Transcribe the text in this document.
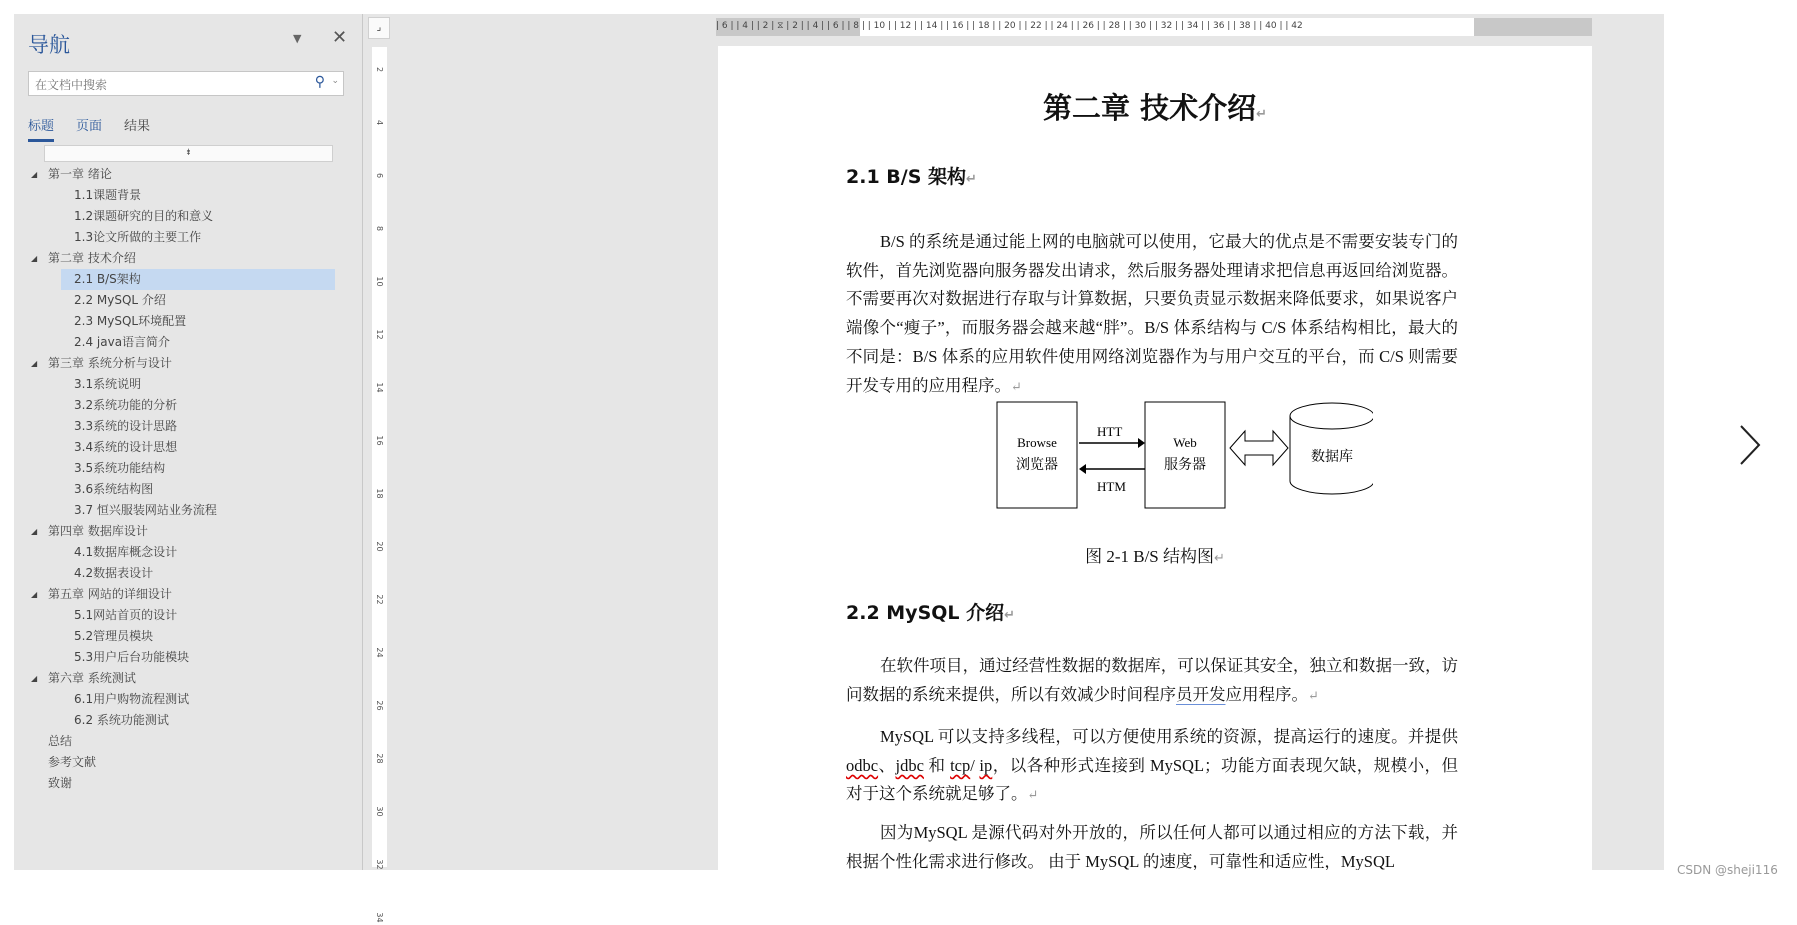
导航	▼ ✕
在文档中搜索	⚲ ⌄
标题 页面 结果
⯒
◢ 第一章 绪论
1.1课题背景
1.2课题研究的目的和意义
1.3论文所做的主要工作
◢ 第二章 技术介绍
2.1 B/S架构
2.2 MySQL 介绍
2.3 MySQL环境配置
2.4 java语言简介
◢ 第三章 系统分析与设计
3.1系统说明
3.2系统功能的分析
3.3系统的设计思路
3.4系统的设计思想
3.5系统功能结构
3.6系统结构图
3.7 恒兴服装网站业务流程
◢ 第四章 数据库设计
4.1数据库概念设计
4.2数据表设计
◢ 第五章 网站的详细设计
5.1网站首页的设计
5.2管理员模块
5.3用户后台功能模块
◢ 第六章 系统测试
6.1用户购物流程测试
6.2 系统功能测试
总结
参考文献
致谢
⌟
2
4
6
8
10
12
14
16
18
20
22
24
26
28
30
32
34
| 6 | | 4 | | 2 | ⧖ | 2 | | 4 | | 6 | | 8 | | 10 | | 12 | | 14 | | 16 | | 18 | | 20 | | 22 | | 24 | | 26 | | 28 | | 30 | | 32 | | 34 | | 36 | | 38 | | 40 | | 42
第二章 技术介绍↵
2.1 B/S 架构↵
B/S 的系统是通过能上网的电脑就可以使用，它最大的优点是不需要安装专门的软件，首先浏览器向服务器发出请求，然后服务器处理请求把信息再返回给浏览器。不需要再次对数据进行存取与计算数据，只要负责显示数据来降低要求，如果说客户端像个“瘦子”，而服务器会越来越“胖”。B/S 体系结构与 C/S 体系结构相比，最大的不同是：B/S 体系的应用软件使用网络浏览器作为与用户交互的平台，而 C/S 则需要开发专用的应用程序。↵
Browse
浏览器
Web
服务器
HTT
HTM
数据库
图 2-1 B/S 结构图↵
2.2 MySQL 介绍↵
在软件项目，通过经营性数据的数据库，可以保证其安全，独立和数据一致，访问数据的系统来提供，所以有效减少时间程序员开发应用程序。↵
MySQL 可以支持多线程，可以方便使用系统的资源，提高运行的速度。并提供 odbc、jdbc 和 tcp/ ip，以各种形式连接到 MySQL；功能方面表现欠缺，规模小，但对于这个系统就足够了。↵
因为MySQL 是源代码对外开放的，所以任何人都可以通过相应的方法下载，并根据个性化需求进行修改。 由于 MySQL 的速度，可靠性和适应性，MySQL	CSDN @sheji116
